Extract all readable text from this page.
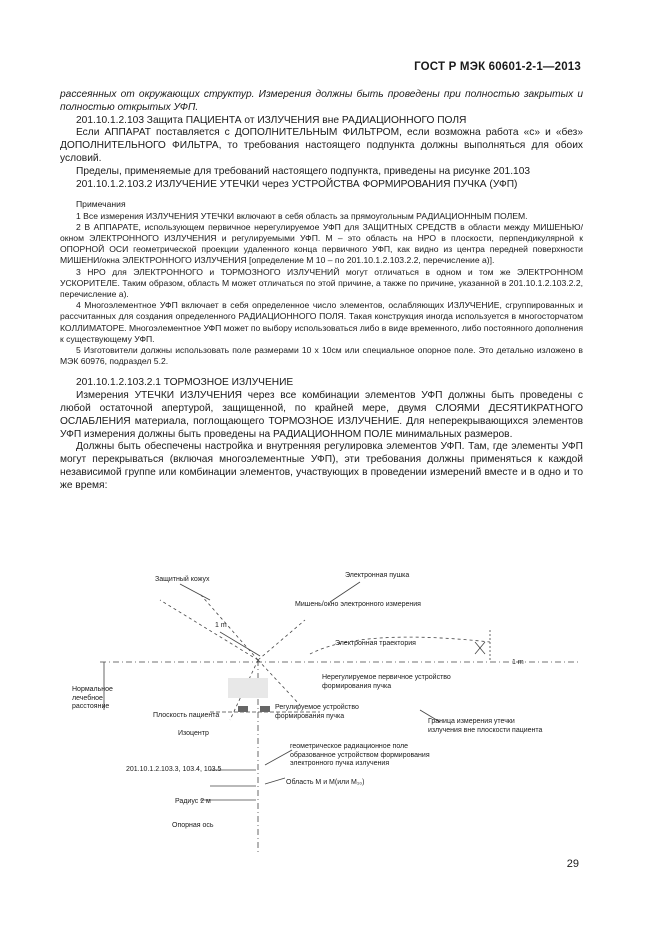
ГОСТ Р МЭК 60601-2-1—2013

рассеянных от окружающих структур. Измерения должны быть проведены при полностью закрытых и полностью открытых УФП.

201.10.1.2.103 Защита ПАЦИЕНТА от ИЗЛУЧЕНИЯ вне РАДИАЦИОННОГО ПОЛЯ

Если АППАРАТ поставляется с ДОПОЛНИТЕЛЬНЫМ ФИЛЬТРОМ, если возможна работа «с» и «без» ДОПОЛНИТЕЛЬНОГО ФИЛЬТРА, то требования настоящего подпункта должны выполняться для обоих условий.

Пределы, применяемые для требований настоящего подпункта, приведены на рисунке 201.103

201.10.1.2.103.2 ИЗЛУЧЕНИЕ УТЕЧКИ через УСТРОЙСТВА ФОРМИРОВАНИЯ ПУЧКА (УФП)

Примечания

1 Все измерения ИЗЛУЧЕНИЯ УТЕЧКИ включают в себя область за прямоугольным РАДИАЦИОННЫМ ПОЛЕМ.

2 В АППАРАТЕ, использующем первичное нерегулируемое УФП для ЗАЩИТНЫХ СРЕДСТВ в области между МИШЕНЬЮ/окном ЭЛЕКТРОННОГО ИЗЛУЧЕНИЯ и регулируемыми УФП. М – это область на НРО в плоскости, перпендикулярной к ОПОРНОЙ ОСИ геометрической проекции удаленного конца первичного УФП, как видно из центра передней поверхности МИШЕНИ/окна ЭЛЕКТРОННОГО ИЗЛУЧЕНИЯ [определение М 10 – по 201.10.1.2.103.2.2, перечисление а)].

3 НРО для ЭЛЕКТРОННОГО и ТОРМОЗНОГО ИЗЛУЧЕНИЙ могут отличаться в одном и том же ЭЛЕКТРОННОМ УСКОРИТЕЛЕ. Таким образом, область М может отличаться по этой причине, а также по причине, указанной в 201.10.1.2.103.2.2, перечисление а).

4 Многоэлементное УФП включает в себя определенное число элементов, ослабляющих ИЗЛУЧЕНИЕ, сгруппированных и рассчитанных для создания определенного РАДИАЦИОННОГО ПОЛЯ. Такая конструкция иногда используется в многосторчатом КОЛЛИМАТОРЕ. Многоэлементное УФП может по выбору использоваться либо в виде временного, либо постоянного дополнения к существующему УФП.

5 Изготовители должны использовать поле размерами 10 х 10см или специальное опорное поле. Это детально изложено в МЭК 60976, подраздел 5.2.

201.10.1.2.103.2.1 ТОРМОЗНОЕ ИЗЛУЧЕНИЕ

Измерения УТЕЧКИ ИЗЛУЧЕНИЯ через все комбинации элементов УФП должны быть проведены с любой остаточной апертурой, защищенной, по крайней мере, двумя СЛОЯМИ ДЕСЯТИКРАТНОГО ОСЛАБЛЕНИЯ материала, поглощающего ТОРМОЗНОЕ ИЗЛУЧЕНИЕ. Для неперекрывающихся элементов УФП измерения должны быть проведены на РАДИАЦИОННОМ ПОЛЕ минимальных размеров.

Должны быть обеспечены настройка и внутренняя регулировка элементов УФП. Там, где элементы УФП могут перекрываться (включая многоэлементные УФП), эти требования должны применяться к каждой независимой группе или комбинации элементов, участвующих в проведении измерений вместе и в одно и то же время:

Защитный кожух
Электронная пушка
Мишень/окно электронного измерения
1 m
Электронная траектория
1 m
Нормальное лечебное расстояние
Нерегулируемое первичное устройство формирования пучка
Плоскость пациента
Регулируемое устройство формирования пучка
Граница измерения утечки излучения вне плоскости пациента
Изоцентр
геометрическое радиационное поле образованное устройством формирования электронного пучка излучения
201.10.1.2.103.3, 103.4, 103.5
Область М и М(или М₁₀)
Радиус 2 м
Опорная ось
29
